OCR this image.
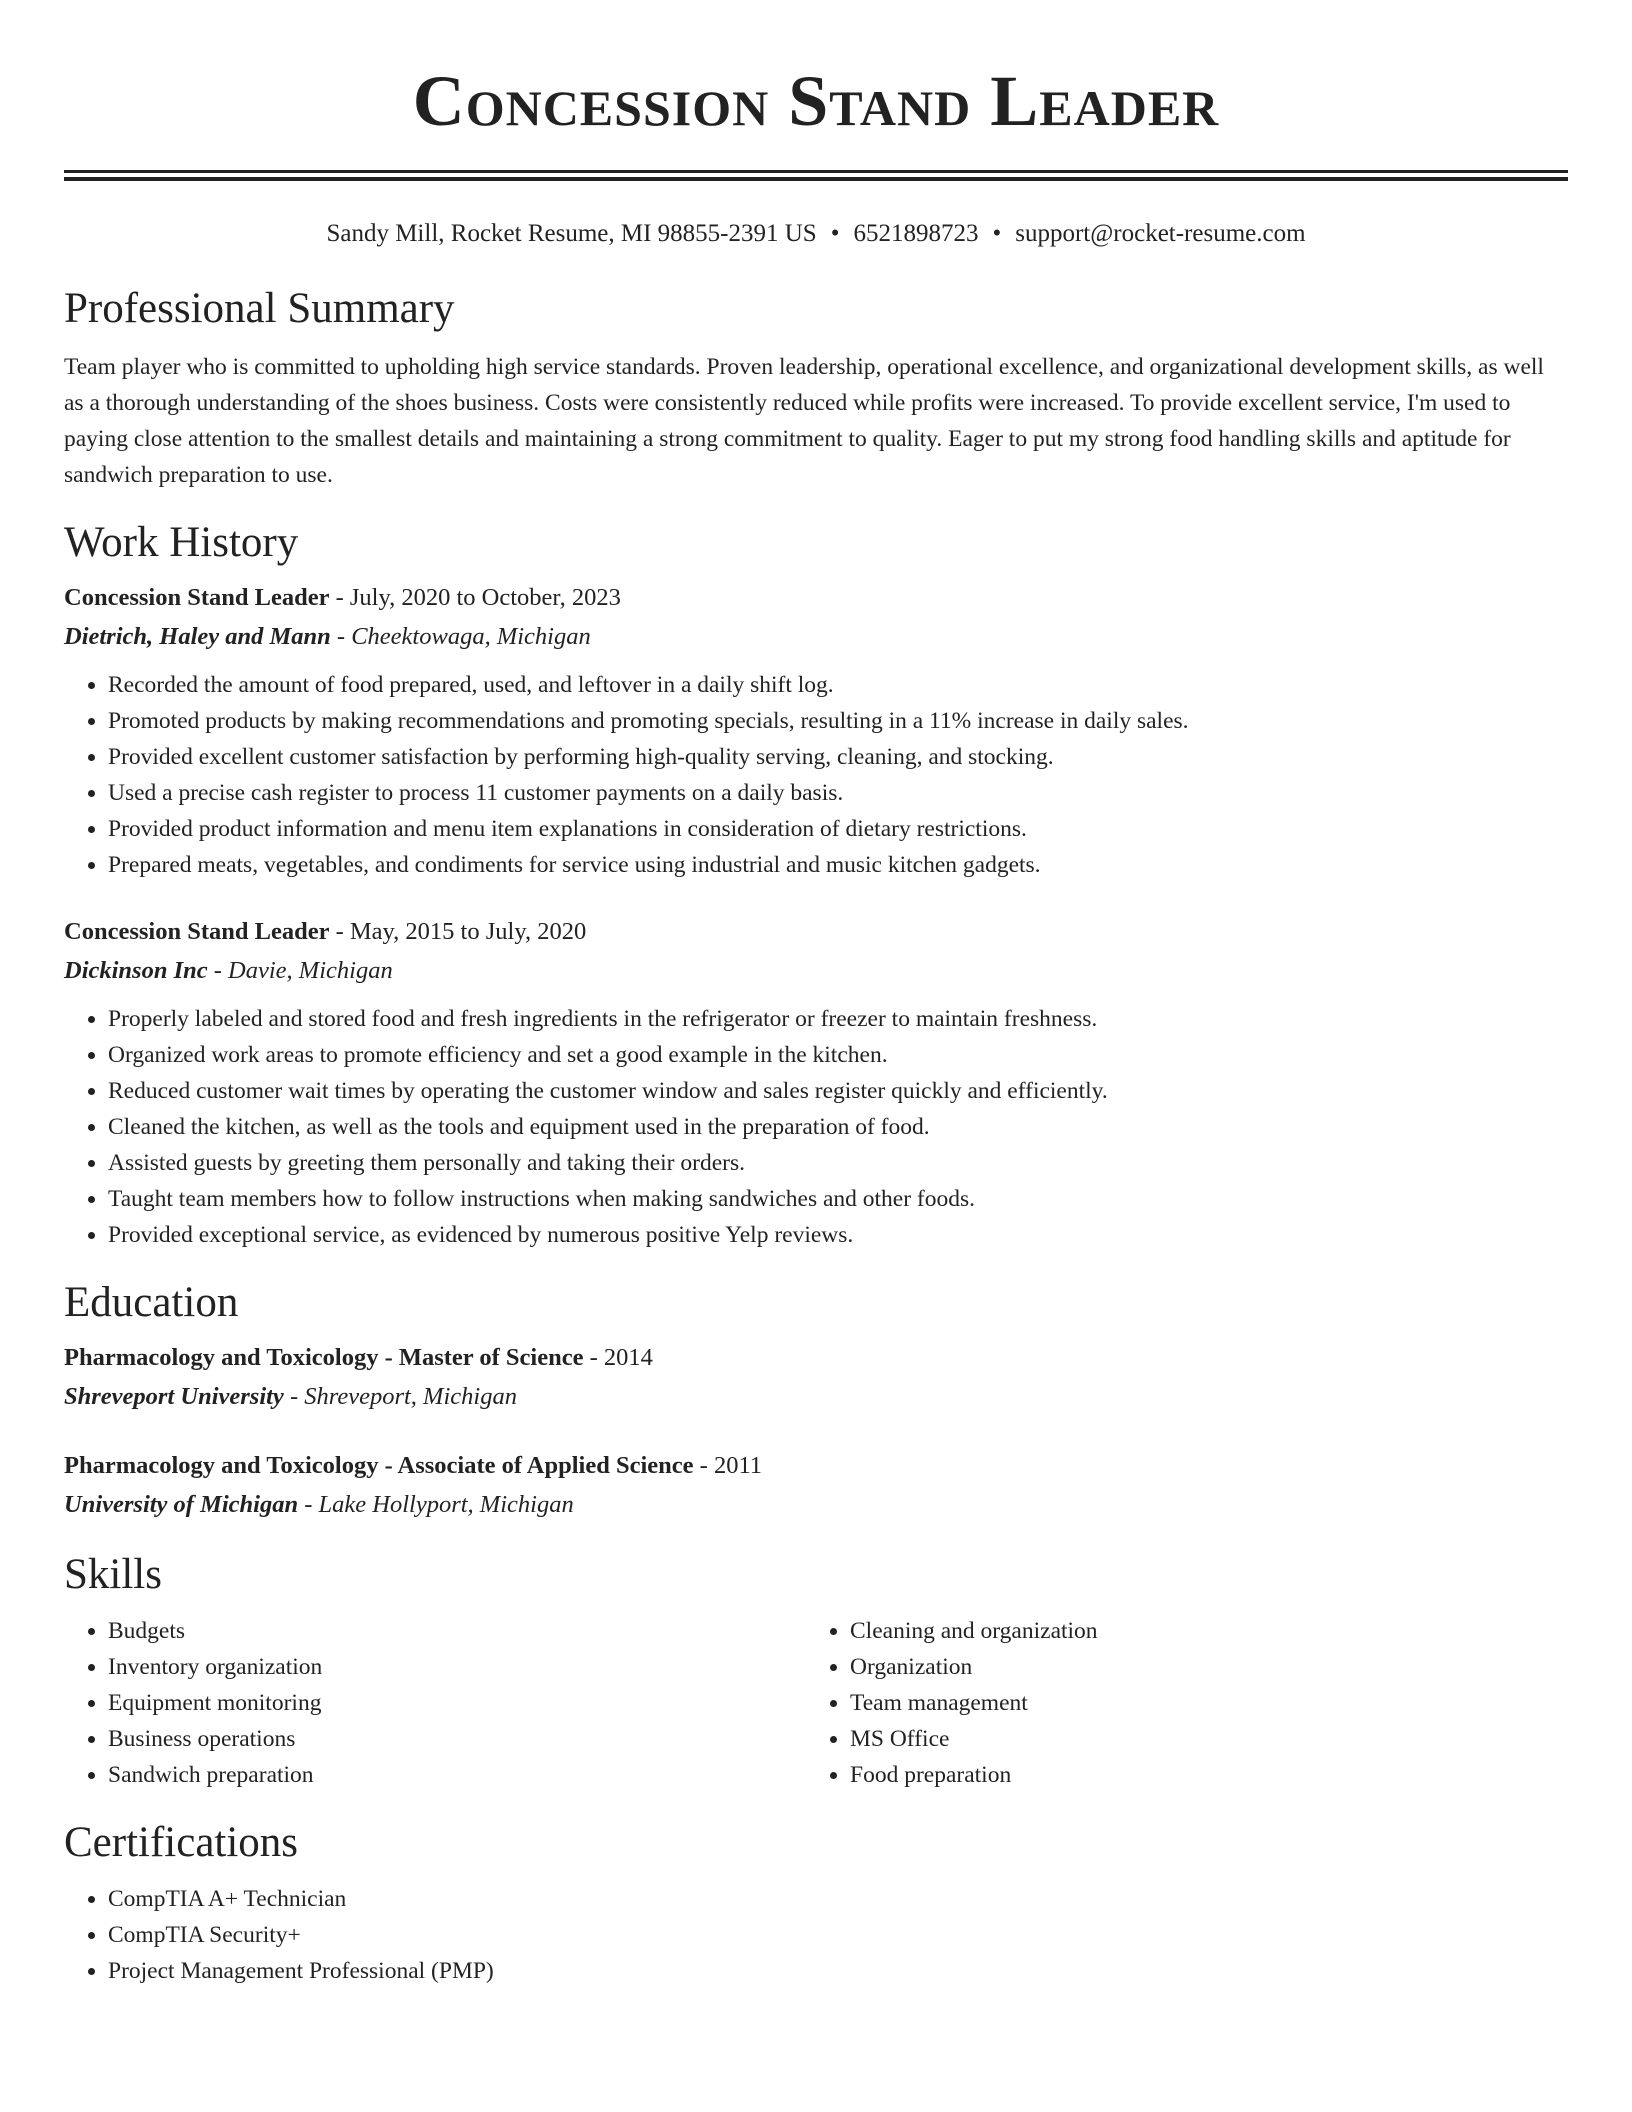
Concession Stand Leader
Sandy Mill, Rocket Resume, MI 98855-2391 US • 6521898723 • support@rocket-resume.com
Professional Summary

Team player who is committed to upholding high service standards. Proven leadership, operational excellence, and organizational development skills, as well as a thorough understanding of the shoes business. Costs were consistently reduced while profits were increased. To provide excellent service, I'm used to paying close attention to the smallest details and maintaining a strong commitment to quality. Eager to put my strong food handling skills and aptitude for sandwich preparation to use.

Work History
Concession Stand Leader - July, 2020 to October, 2023
Dietrich, Haley and Mann - Cheektowaga, Michigan
• Recorded the amount of food prepared, used, and leftover in a daily shift log.
• Promoted products by making recommendations and promoting specials, resulting in a 11% increase in daily sales.
• Provided excellent customer satisfaction by performing high-quality serving, cleaning, and stocking.
• Used a precise cash register to process 11 customer payments on a daily basis.
• Provided product information and menu item explanations in consideration of dietary restrictions.
• Prepared meats, vegetables, and condiments for service using industrial and music kitchen gadgets.
Concession Stand Leader - May, 2015 to July, 2020
Dickinson Inc - Davie, Michigan
• Properly labeled and stored food and fresh ingredients in the refrigerator or freezer to maintain freshness.
• Organized work areas to promote efficiency and set a good example in the kitchen.
• Reduced customer wait times by operating the customer window and sales register quickly and efficiently.
• Cleaned the kitchen, as well as the tools and equipment used in the preparation of food.
• Assisted guests by greeting them personally and taking their orders.
• Taught team members how to follow instructions when making sandwiches and other foods.
• Provided exceptional service, as evidenced by numerous positive Yelp reviews.
Education
Pharmacology and Toxicology - Master of Science - 2014
Shreveport University - Shreveport, Michigan
Pharmacology and Toxicology - Associate of Applied Science - 2011
University of Michigan - Lake Hollyport, Michigan
Skills
• Budgets
• Inventory organization
• Equipment monitoring
• Business operations
• Sandwich preparation
• Cleaning and organization
• Organization
• Team management
• MS Office
• Food preparation
Certifications
• CompTIA A+ Technician
• CompTIA Security+
• Project Management Professional (PMP)
